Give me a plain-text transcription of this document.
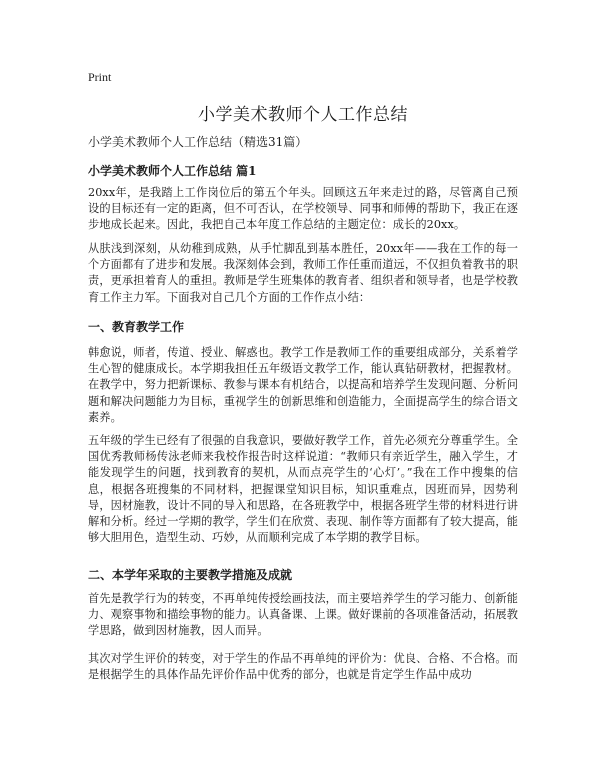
Print
小学美术教师个人工作总结
小学美术教师个人工作总结（精选31篇）
小学美术教师个人工作总结 篇1

20xx年，是我踏上工作岗位后的第五个年头。回顾这五年来走过的路，尽管离自己预设的目标还有一定的距离，但不可否认，在学校领导、同事和师傅的帮助下，我正在逐步地成长起来。因此，我把自己本年度工作总结的主题定位：成长的20xx。

从肤浅到深刻，从幼稚到成熟，从手忙脚乱到基本胜任，20xx年——我在工作的每一个方面都有了进步和发展。我深刻体会到，教师工作任重而道远，不仅担负着教书的职责，更承担着育人的重担。教师是学生班集体的教育者、组织者和领导者，也是学校教育工作主力军。下面我对自己几个方面的工作作点小结：

一、教育教学工作

韩愈说，师者，传道、授业、解惑也。教学工作是教师工作的重要组成部分，关系着学生心智的健康成长。本学期我担任五年级语文教学工作，能认真钻研教材，把握教材。在教学中，努力把新课标、教参与课本有机结合，以提高和培养学生发现问题、分析问题和解决问题能力为目标，重视学生的创新思维和创造能力，全面提高学生的综合语文素养。

五年级的学生已经有了很强的自我意识，要做好教学工作，首先必须充分尊重学生。全国优秀教师杨传泳老师来我校作报告时这样说道：“教师只有亲近学生，融入学生，才能发现学生的问题，找到教育的契机，从而点亮学生的‘心灯’。”我在工作中搜集的信息，根据各班搜集的不同材料，把握课堂知识目标，知识重难点，因班而异，因势利导，因材施教，设计不同的导入和思路，在各班教学中，根据各班学生带的材料进行讲解和分析。经过一学期的教学，学生们在欣赏、表现、制作等方面都有了较大提高，能够大胆用色，造型生动、巧妙，从而顺利完成了本学期的教学目标。

二、本学年采取的主要教学措施及成就

首先是教学行为的转变，不再单纯传授绘画技法，而主要培养学生的学习能力、创新能力、观察事物和描绘事物的能力。认真备课、上课。做好课前的各项准备活动，拓展教学思路，做到因材施教，因人而异。

其次对学生评价的转变，对于学生的作品不再单纯的评价为：优良、合格、不合格。而是根据学生的具体作品先评价作品中优秀的部分，也就是肯定学生作品中成功
